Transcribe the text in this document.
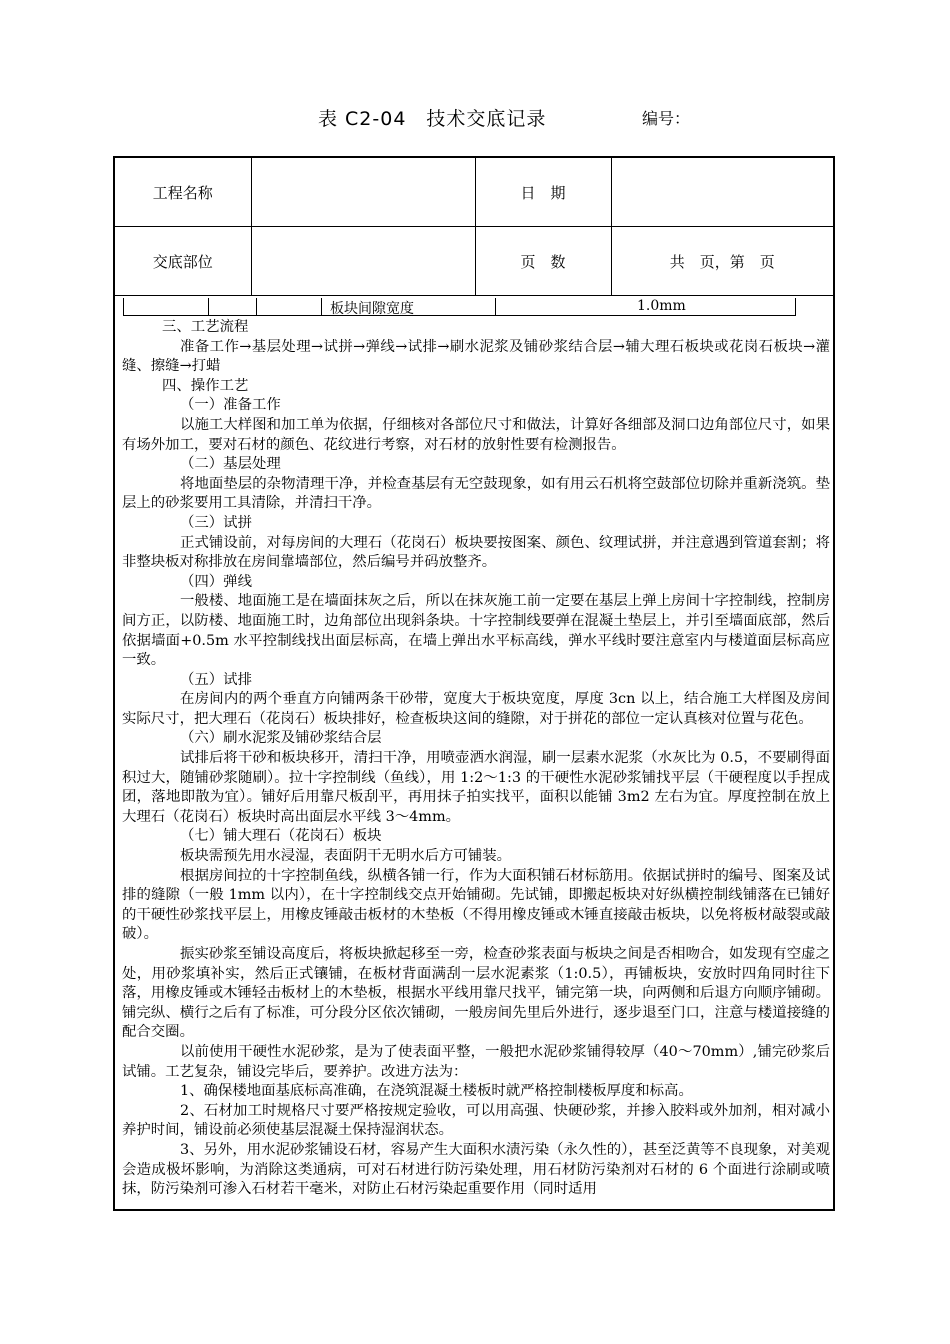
表 C2-04　技术交底记录	编号：
工程名称		日　期	
交底部位		页　数	共　页，第　页
板块间隙宽度	1.0mm

三、工艺流程

准备工作→基层处理→试拼→弹线→试排→刷水泥浆及铺砂浆结合层→辅大理石板块或花岗石板块→灌缝、擦缝→打蜡

四、操作工艺

（一）准备工作

以施工大样图和加工单为依据，仔细核对各部位尺寸和做法，计算好各细部及洞口边角部位尺寸，如果有场外加工，要对石材的颜色、花纹进行考察，对石材的放射性要有检测报告。

（二）基层处理

将地面垫层的杂物清理干净，并检查基层有无空鼓现象，如有用云石机将空鼓部位切除并重新浇筑。垫层上的砂浆要用工具清除，并清扫干净。

（三）试拼

正式铺设前，对每房间的大理石（花岗石）板块要按图案、颜色、纹理试拼，并注意遇到管道套割；将非整块板对称排放在房间靠墙部位，然后编号并码放整齐。

（四）弹线

一般楼、地面施工是在墙面抹灰之后，所以在抹灰施工前一定要在基层上弹上房间十字控制线，控制房间方正，以防楼、地面施工时，边角部位出现斜条块。十字控制线要弹在混凝土垫层上，并引至墙面底部，然后依据墙面+0.5m 水平控制线找出面层标高，在墙上弹出水平标高线，弹水平线时要注意室内与楼道面层标高应一致。

（五）试排

在房间内的两个垂直方向铺两条干砂带，宽度大于板块宽度，厚度 3cn 以上，结合施工大样图及房间实际尺寸，把大理石（花岗石）板块排好，检查板块这间的缝隙，对于拼花的部位一定认真核对位置与花色。

（六）刷水泥浆及铺砂浆结合层

试排后将干砂和板块移开，清扫干净，用喷壶洒水润湿，刷一层素水泥浆（水灰比为 0.5，不要刷得面积过大，随铺砂浆随刷）。拉十字控制线（鱼线），用 1:2～1:3 的干硬性水泥砂浆铺找平层（干硬程度以手捏成团，落地即散为宜）。铺好后用靠尺板刮平，再用抹子拍实找平，面积以能铺 3m2 左右为宜。厚度控制在放上大理石（花岗石）板块时高出面层水平线 3～4mm。

（七）铺大理石（花岗石）板块

板块需预先用水浸湿，表面阴干无明水后方可铺装。

根据房间拉的十字控制鱼线，纵横各铺一行，作为大面积铺石材标筋用。依据试拼时的编号、图案及试排的缝隙（一般 1mm 以内），在十字控制线交点开始铺砌。先试铺，即搬起板块对好纵横控制线铺落在已铺好的干硬性砂浆找平层上，用橡皮锤敲击板材的木垫板（不得用橡皮锤或木锤直接敲击板块，以免将板材敲裂或敲破）。

振实砂浆至铺设高度后，将板块掀起移至一旁，检查砂浆表面与板块之间是否相吻合，如发现有空虚之处，用砂浆填补实，然后正式镶铺，在板材背面满刮一层水泥素浆（1:0.5），再铺板块，安放时四角同时往下落，用橡皮锤或木锤轻击板材上的木垫板，根据水平线用靠尺找平，铺完第一块，向两侧和后退方向顺序铺砌。铺完纵、横行之后有了标准，可分段分区依次铺砌，一般房间先里后外进行，逐步退至门口，注意与楼道接缝的配合交圈。

以前使用干硬性水泥砂浆，是为了使表面平整，一般把水泥砂浆铺得较厚（40～70mm）,铺完砂浆后试铺。工艺复杂，铺设完毕后，要养护。改进方法为：

1、确保楼地面基底标高准确，在浇筑混凝土楼板时就严格控制楼板厚度和标高。

2、石材加工时规格尺寸要严格按规定验收，可以用高强、快硬砂浆，并掺入胶料或外加剂，相对减小养护时间，铺设前必须使基层混凝土保持湿润状态。

3、另外，用水泥砂浆铺设石材，容易产生大面积水渍污染（永久性的），甚至泛黄等不良现象，对美观会造成极坏影响，为消除这类通病，可对石材进行防污染处理，用石材防污染剂对石材的 6 个面进行涂刷或喷抹，防污染剂可渗入石材若干毫米，对防止石材污染起重要作用（同时适用
